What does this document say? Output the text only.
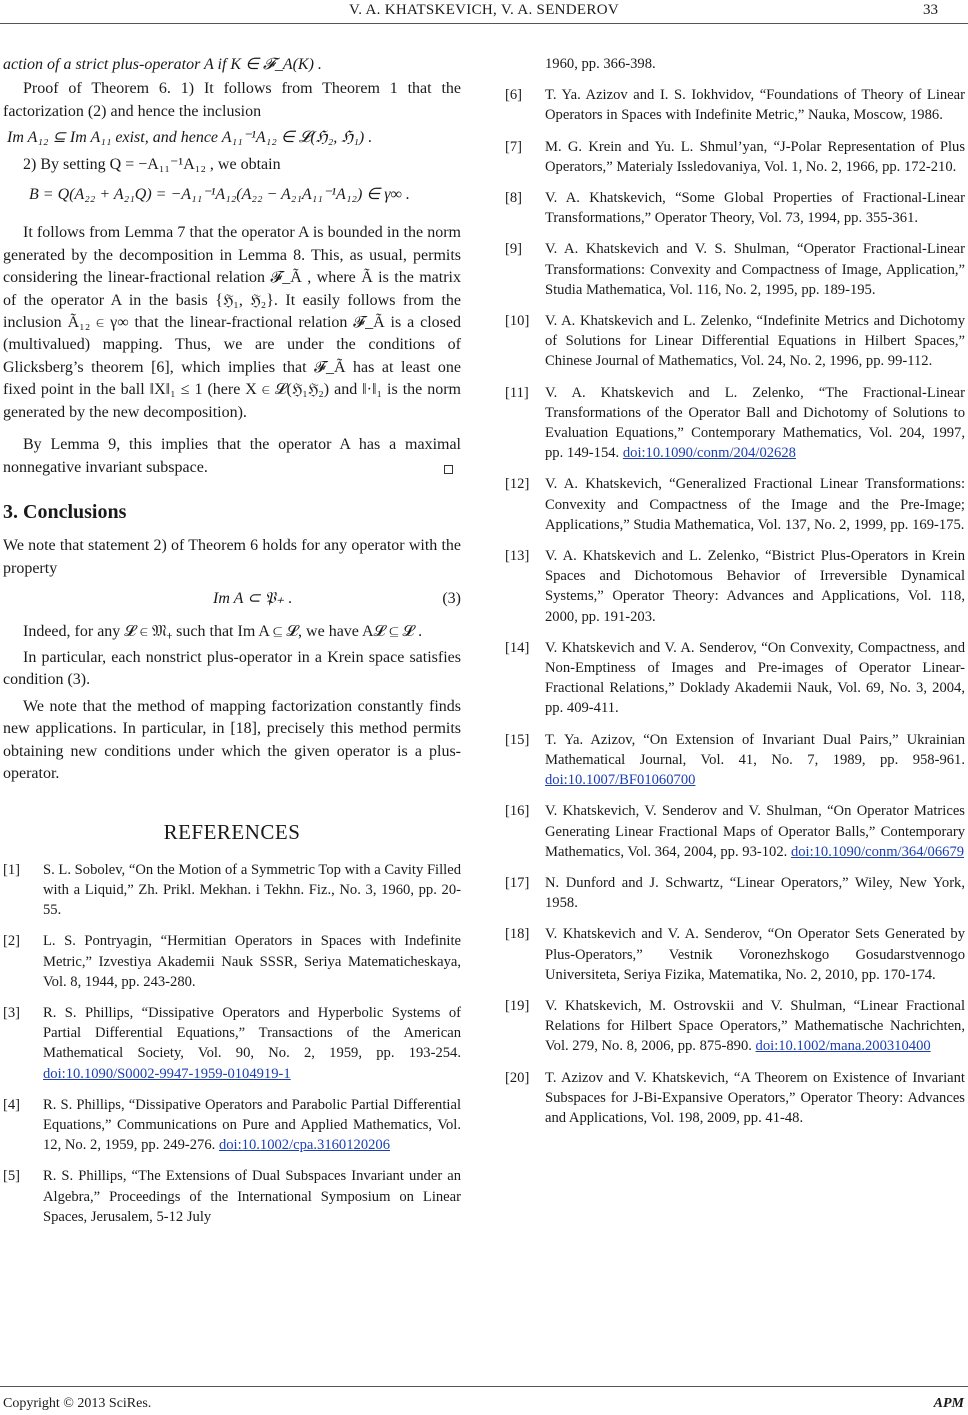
V. A. KHATSKEVICH, V. A. SENDEROV	33

action of a strict plus-operator A if K ∈ 𝓕_A(K) .

Proof of Theorem 6. 1) It follows from Theorem 1 that the factorization (2) and hence the inclusion

Im A₁₂ ⊆ Im A₁₁ exist, and hence A₁₁⁻¹A₁₂ ∈ 𝓛(ℌ₂, ℌ₁) .

2) By setting Q = −A₁₁⁻¹A₁₂ , we obtain

B = Q(A₂₂ + A₂₁Q) = −A₁₁⁻¹A₁₂(A₂₂ − A₂₁A₁₁⁻¹A₁₂) ∈ γ∞ .

It follows from Lemma 7 that the operator A is bounded in the norm generated by the decomposition in Lemma 8. This, as usual, permits considering the linear-fractional relation 𝓕_Ã , where Ã is the matrix of the operator A in the basis {ℌ̃₁, ℌ̃₂}. It easily follows from the inclusion Ã₁₂ ∈ γ∞ that the linear-fractional relation 𝓕_Ã is a closed (multivalued) mapping. Thus, we are under the conditions of Glicksberg’s theorem [6], which implies that 𝓕_Ã has at least one fixed point in the ball ‖X‖₁ ≤ 1 (here X ∈ 𝓛(ℌ̃₁ℌ̃₂) and ‖·‖₁ is the norm generated by the new decomposition).

By Lemma 9, this implies that the operator A has a maximal nonnegative invariant subspace.

3. Conclusions

We note that statement 2) of Theorem 6 holds for any operator with the property

(3)
Im A ⊂ 𝔓₊ .

Indeed, for any 𝓛 ∈ 𝔐₊ such that Im A ⊆ 𝓛, we have A𝓛 ⊆ 𝓛 .

In particular, each nonstrict plus-operator in a Krein space satisfies condition (3).

We note that the method of mapping factorization constantly finds new applications. In particular, in [18], precisely this method permits obtaining new conditions under which the given operator is a plus-operator.

REFERENCES
[1] S. L. Sobolev, “On the Motion of a Symmetric Top with a Cavity Filled with a Liquid,” Zh. Prikl. Mekhan. i Tekhn. Fiz., No. 3, 1960, pp. 20-55.
[2] L. S. Pontryagin, “Hermitian Operators in Spaces with Indefinite Metric,” Izvestiya Akademii Nauk SSSR, Seriya Matematicheskaya, Vol. 8, 1944, pp. 243-280.
[3] R. S. Phillips, “Dissipative Operators and Hyperbolic Systems of Partial Differential Equations,” Transactions of the American Mathematical Society, Vol. 90, No. 2, 1959, pp. 193-254. doi:10.1090/S0002-9947-1959-0104919-1
[4] R. S. Phillips, “Dissipative Operators and Parabolic Partial Differential Equations,” Communications on Pure and Applied Mathematics, Vol. 12, No. 2, 1959, pp. 249-276. doi:10.1002/cpa.3160120206
[5] R. S. Phillips, “The Extensions of Dual Subspaces Invariant under an Algebra,” Proceedings of the International Symposium on Linear Spaces, Jerusalem, 5-12 July
1960, pp. 366-398.
[6] T. Ya. Azizov and I. S. Iokhvidov, “Foundations of Theory of Linear Operators in Spaces with Indefinite Metric,” Nauka, Moscow, 1986.
[7] M. G. Krein and Yu. L. Shmul’yan, “J-Polar Representation of Plus Operators,” Materialy Issledovaniya, Vol. 1, No. 2, 1966, pp. 172-210.
[8] V. A. Khatskevich, “Some Global Properties of Fractional-Linear Transformations,” Operator Theory, Vol. 73, 1994, pp. 355-361.
[9] V. A. Khatskevich and V. S. Shulman, “Operator Fractional-Linear Transformations: Convexity and Compactness of Image, Application,” Studia Mathematica, Vol. 116, No. 2, 1995, pp. 189-195.
[10] V. A. Khatskevich and L. Zelenko, “Indefinite Metrics and Dichotomy of Solutions for Linear Differential Equations in Hilbert Spaces,” Chinese Journal of Mathematics, Vol. 24, No. 2, 1996, pp. 99-112.
[11] V. A. Khatskevich and L. Zelenko, “The Fractional-Linear Transformations of the Operator Ball and Dichotomy of Solutions to Evaluation Equations,” Contemporary Mathematics, Vol. 204, 1997, pp. 149-154. doi:10.1090/conm/204/02628
[12] V. A. Khatskevich, “Generalized Fractional Linear Transformations: Convexity and Compactness of the Image and the Pre-Image; Applications,” Studia Mathematica, Vol. 137, No. 2, 1999, pp. 169-175.
[13] V. A. Khatskevich and L. Zelenko, “Bistrict Plus-Operators in Krein Spaces and Dichotomous Behavior of Irreversible Dynamical Systems,” Operator Theory: Advances and Applications, Vol. 118, 2000, pp. 191-203.
[14] V. Khatskevich and V. A. Senderov, “On Convexity, Compactness, and Non-Emptiness of Images and Pre-images of Operator Linear-Fractional Relations,” Doklady Akademii Nauk, Vol. 69, No. 3, 2004, pp. 409-411.
[15] T. Ya. Azizov, “On Extension of Invariant Dual Pairs,” Ukrainian Mathematical Journal, Vol. 41, No. 7, 1989, pp. 958-961. doi:10.1007/BF01060700
[16] V. Khatskevich, V. Senderov and V. Shulman, “On Operator Matrices Generating Linear Fractional Maps of Operator Balls,” Contemporary Mathematics, Vol. 364, 2004, pp. 93-102. doi:10.1090/conm/364/06679
[17] N. Dunford and J. Schwartz, “Linear Operators,” Wiley, New York, 1958.
[18] V. Khatskevich and V. A. Senderov, “On Operator Sets Generated by Plus-Operators,” Vestnik Voronezhskogo Gosudarstvennogo Universiteta, Seriya Fizika, Matematika, No. 2, 2010, pp. 170-174.
[19] V. Khatskevich, M. Ostrovskii and V. Shulman, “Linear Fractional Relations for Hilbert Space Operators,” Mathematische Nachrichten, Vol. 279, No. 8, 2006, pp. 875-890. doi:10.1002/mana.200310400
[20] T. Azizov and V. Khatskevich, “A Theorem on Existence of Invariant Subspaces for J-Bi-Expansive Operators,” Operator Theory: Advances and Applications, Vol. 198, 2009, pp. 41-48.
Copyright © 2013 SciRes.	APM
